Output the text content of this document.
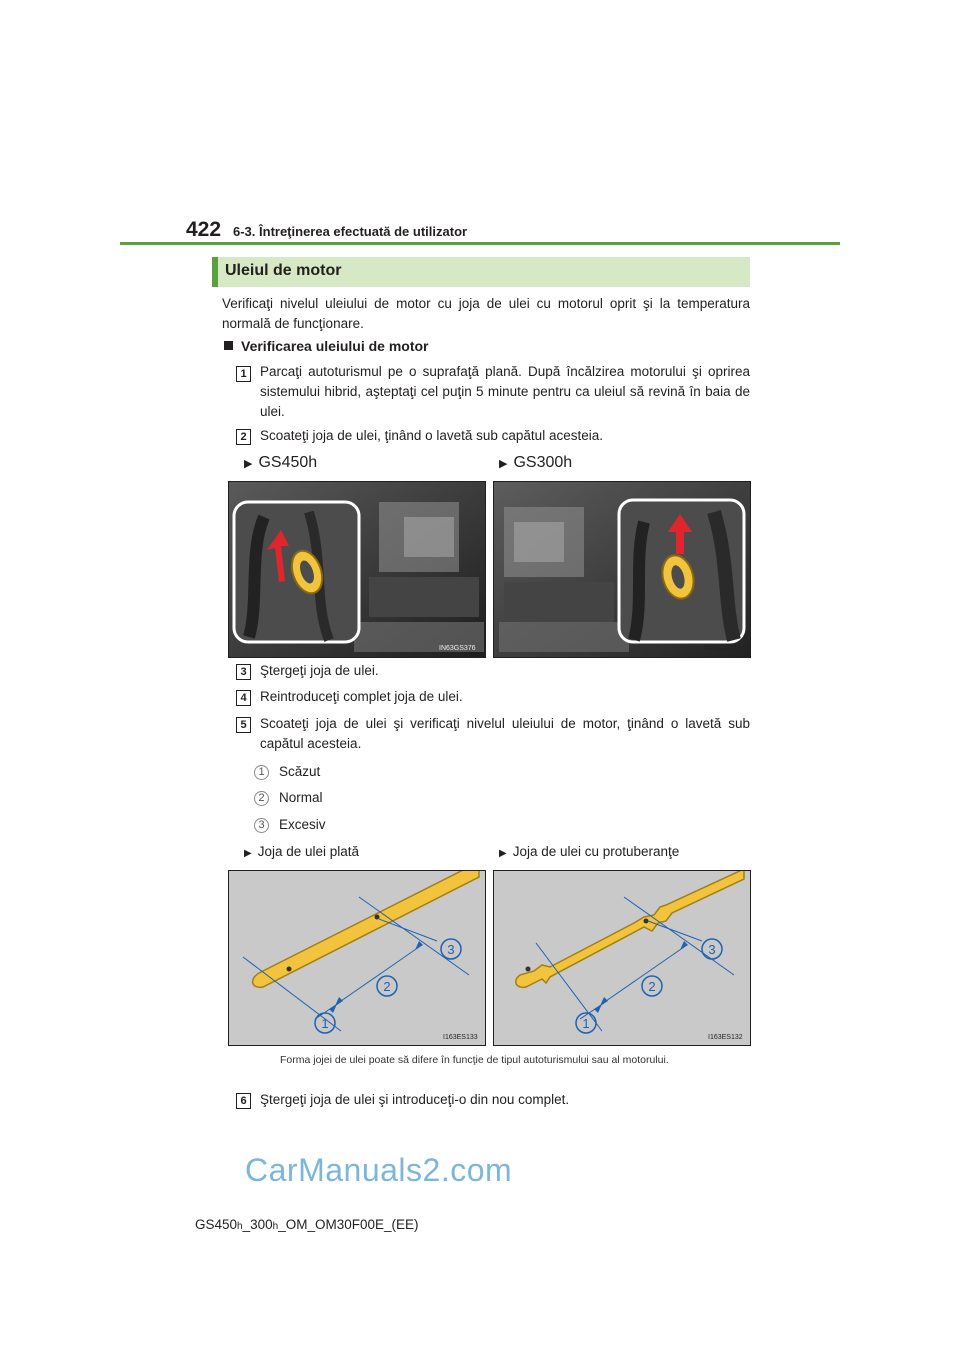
422 6-3. Întreţinerea efectuată de utilizator
Uleiul de motor
Verificaţi nivelul uleiului de motor cu joja de ulei cu motorul oprit şi la temperatura normală de funcţionare.
Verificarea uleiului de motor
1 Parcaţi autoturismul pe o suprafaţă plană. După încălzirea motorului şi oprirea sistemului hibrid, aşteptaţi cel puţin 5 minute pentru ca uleiul să revină în baia de ulei.
2 Scoateţi joja de ulei, ţinând o lavetă sub capătul acesteia.
▶ GS450h	▶ GS300h
IN63GS376	IN63GS378
3 Ştergeţi joja de ulei.
4 Reintroduceţi complet joja de ulei.
5 Scoateţi joja de ulei şi verificaţi nivelul uleiului de motor, ţinând o lavetă sub capătul acesteia.
1	Scăzut
2	Normal
3	Excesiv
▶ Joja de ulei plată	▶ Joja de ulei cu protuberanţe
1
2
3
I163ES133
1
2
3
I163ES132
Forma jojei de ulei poate să difere în funcţie de tipul autoturismului sau al motorului.
6 Ştergeţi joja de ulei şi introduceţi-o din nou complet.
CarManuals2.com
GS450h_300h_OM_OM30F00E_(EE)
